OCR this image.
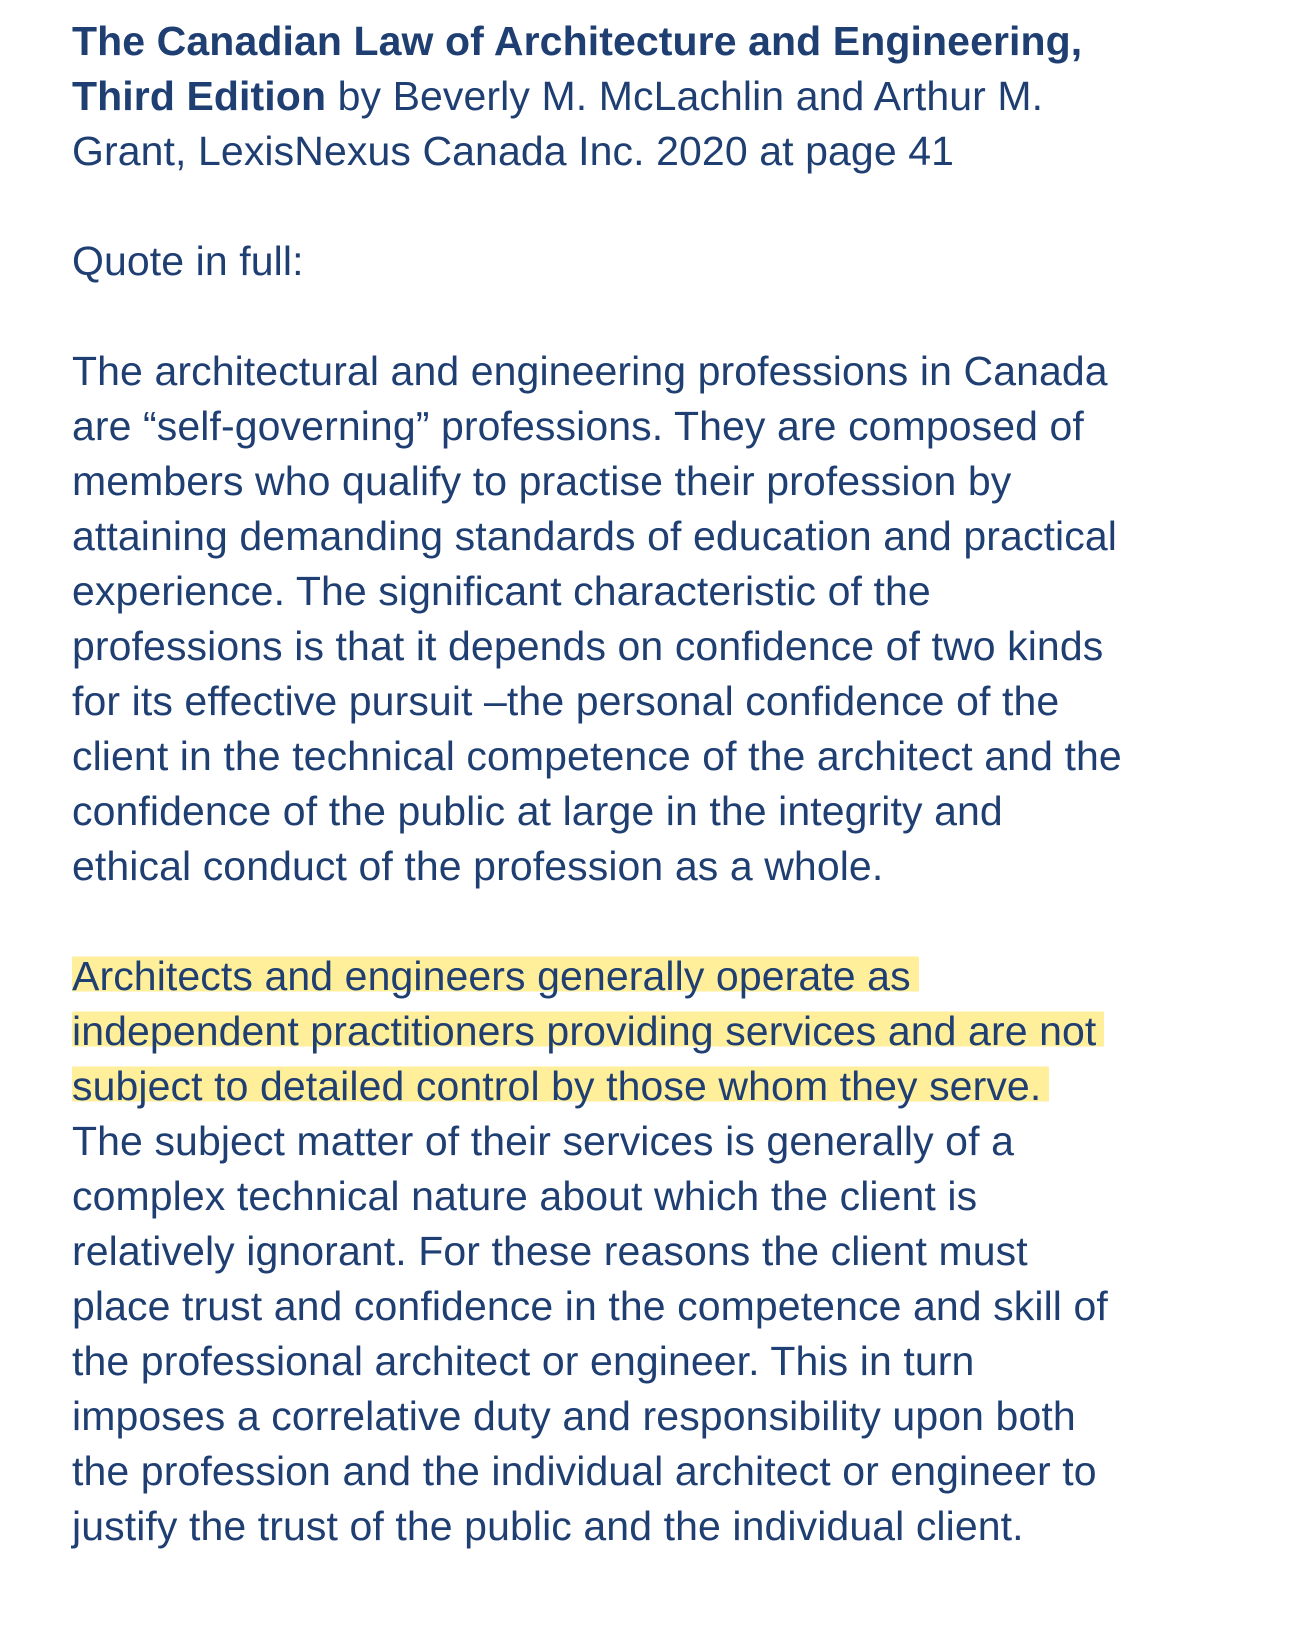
The Canadian Law of Architecture and Engineering,
Third Edition by Beverly M. McLachlin and Arthur M.
Grant, LexisNexus Canada Inc. 2020 at page 41
Quote in full:
The architectural and engineering professions in Canada
are “self-governing” professions. They are composed of
members who qualify to practise their profession by
attaining demanding standards of education and practical
experience. The significant characteristic of the
professions is that it depends on confidence of two kinds
for its effective pursuit –the personal confidence of the
client in the technical competence of the architect and the
confidence of the public at large in the integrity and
ethical conduct of the profession as a whole.
Architects and engineers generally operate as
independent practitioners providing services and are not
subject to detailed control by those whom they serve.
The subject matter of their services is generally of a
complex technical nature about which the client is
relatively ignorant. For these reasons the client must
place trust and confidence in the competence and skill of
the professional architect or engineer. This in turn
imposes a correlative duty and responsibility upon both
the profession and the individual architect or engineer to
justify the trust of the public and the individual client.
